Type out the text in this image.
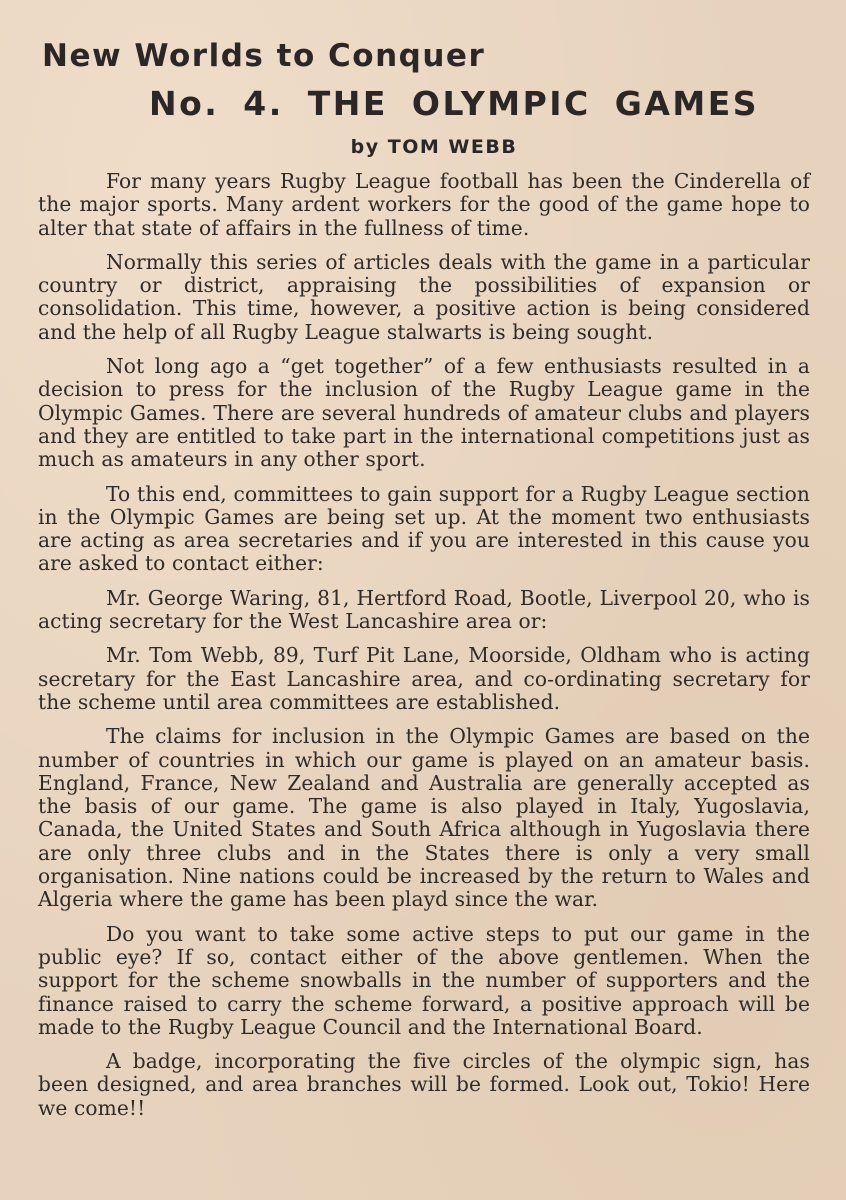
New Worlds to Conquer
No. 4. THE OLYMPIC GAMES
by TOM WEBB

For many years Rugby League football has been the Cinderella of the major sports. Many ardent workers for the good of the game hope to alter that state of affairs in the fullness of time.

Normally this series of articles deals with the game in a particular country or district, appraising the possibilities of expansion or consolidation. This time, however, a positive action is being considered and the help of all Rugby League stalwarts is being sought.

Not long ago a “get together” of a few enthusiasts resulted in a decision to press for the inclusion of the Rugby League game in the Olympic Games. There are several hundreds of amateur clubs and players and they are entitled to take part in the international competitions just as much as amateurs in any other sport.

To this end, committees to gain support for a Rugby League section in the Olympic Games are being set up. At the moment two enthusiasts are acting as area secretaries and if you are interested in this cause you are asked to contact either:

Mr. George Waring, 81, Hertford Road, Bootle, Liverpool 20, who is acting secretary for the West Lancashire area or:

Mr. Tom Webb, 89, Turf Pit Lane, Moorside, Oldham who is acting secretary for the East Lancashire area, and co-ordinating secretary for the scheme until area committees are established.

The claims for inclusion in the Olympic Games are based on the number of countries in which our game is played on an amateur basis. England, France, New Zealand and Australia are generally accepted as the basis of our game. The game is also played in Italy, Yugoslavia, Canada, the United States and South Africa although in Yugoslavia there are only three clubs and in the States there is only a very small organisation. Nine nations could be increased by the return to Wales and Algeria where the game has been playd since the war.

Do you want to take some active steps to put our game in the public eye? If so, contact either of the above gentlemen. When the support for the scheme snowballs in the number of supporters and the finance raised to carry the scheme forward, a positive approach will be made to the Rugby League Council and the International Board.

A badge, incorporating the five circles of the olympic sign, has been designed, and area branches will be formed. Look out, Tokio! Here we come!!
